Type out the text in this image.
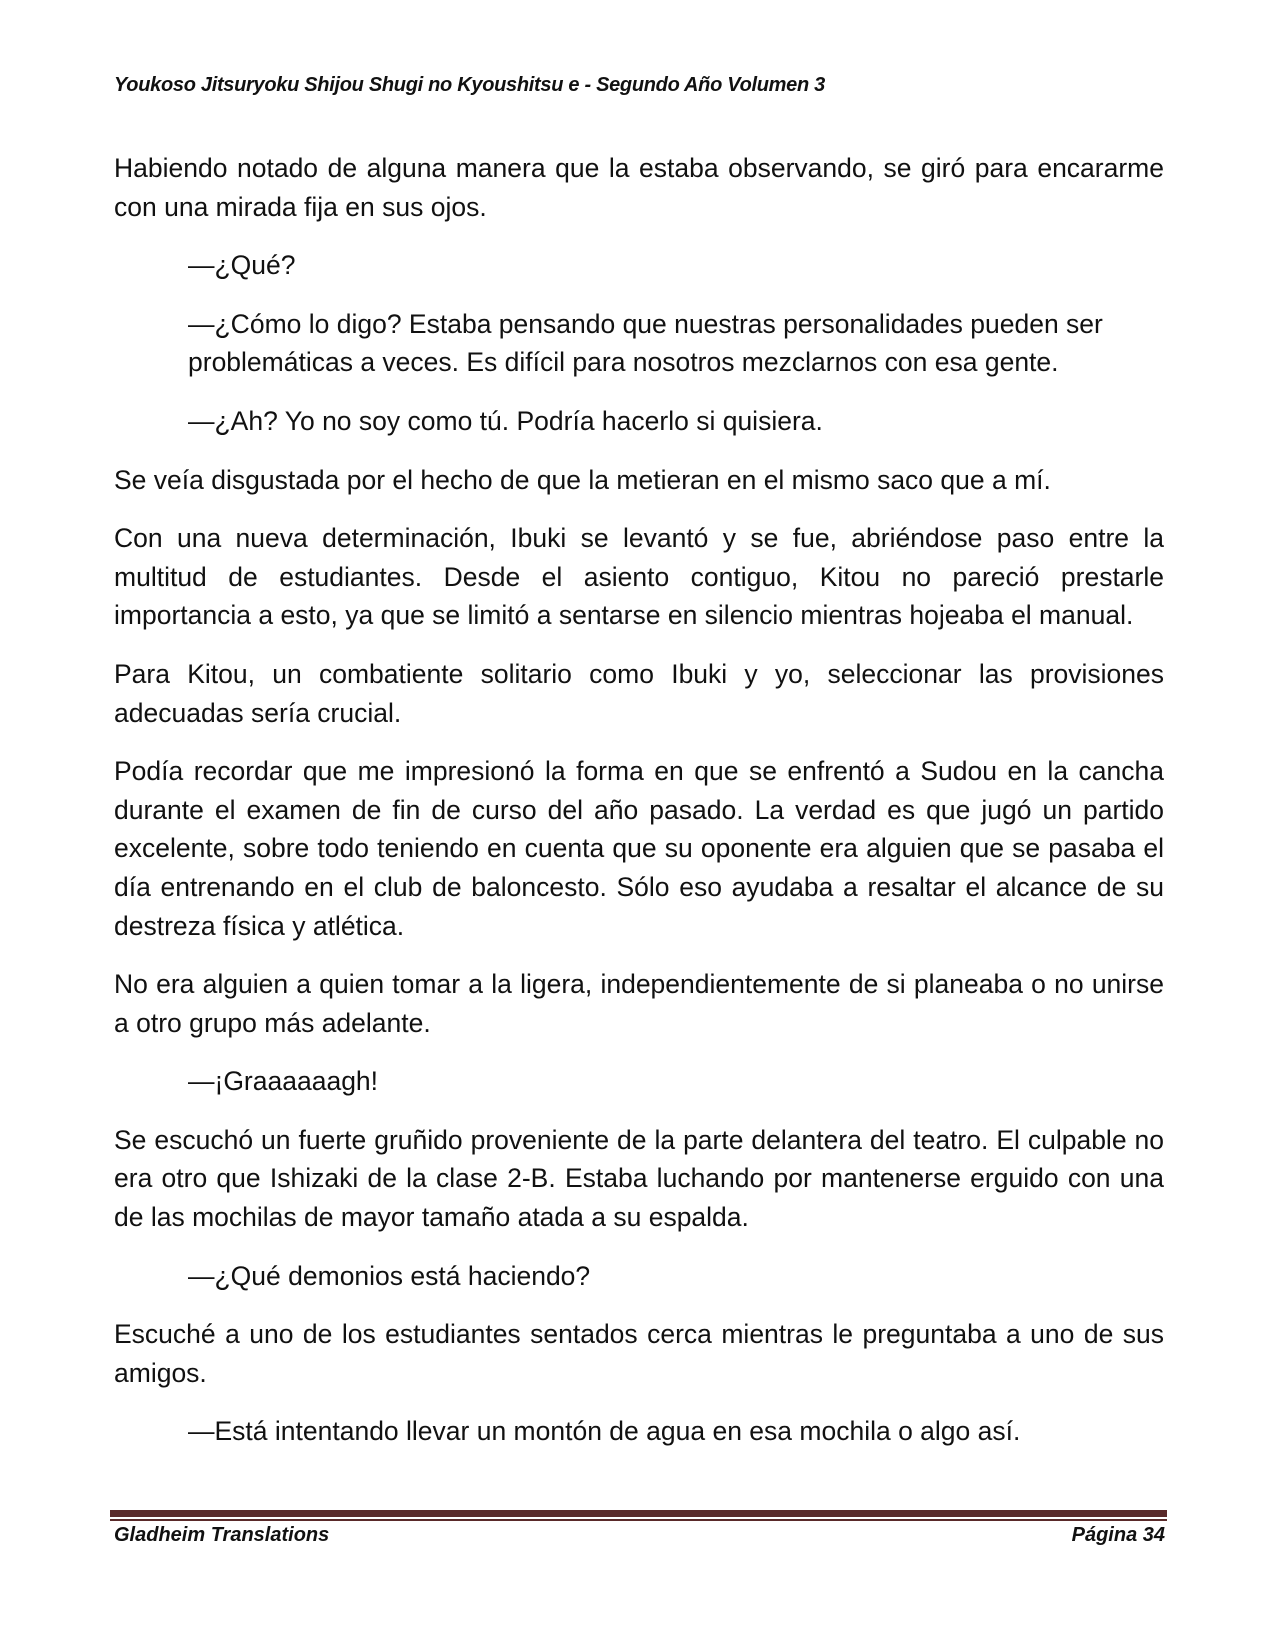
Youkoso Jitsuryoku Shijou Shugi no Kyoushitsu e - Segundo Año Volumen 3

Habiendo notado de alguna manera que la estaba observando, se giró para encararme con una mirada fija en sus ojos.

—¿Qué?

—¿Cómo lo digo? Estaba pensando que nuestras personalidades pueden ser problemáticas a veces. Es difícil para nosotros mezclarnos con esa gente.

—¿Ah? Yo no soy como tú. Podría hacerlo si quisiera.

Se veía disgustada por el hecho de que la metieran en el mismo saco que a mí.

Con una nueva determinación, Ibuki se levantó y se fue, abriéndose paso entre la multitud de estudiantes. Desde el asiento contiguo, Kitou no pareció prestarle importancia a esto, ya que se limitó a sentarse en silencio mientras hojeaba el manual.

Para Kitou, un combatiente solitario como Ibuki y yo, seleccionar las provisiones adecuadas sería crucial.

Podía recordar que me impresionó la forma en que se enfrentó a Sudou en la cancha durante el examen de fin de curso del año pasado. La verdad es que jugó un partido excelente, sobre todo teniendo en cuenta que su oponente era alguien que se pasaba el día entrenando en el club de baloncesto. Sólo eso ayudaba a resaltar el alcance de su destreza física y atlética.

No era alguien a quien tomar a la ligera, independientemente de si planeaba o no unirse a otro grupo más adelante.

—¡Graaaaaagh!

Se escuchó un fuerte gruñido proveniente de la parte delantera del teatro. El culpable no era otro que Ishizaki de la clase 2-B. Estaba luchando por mantenerse erguido con una de las mochilas de mayor tamaño atada a su espalda.

—¿Qué demonios está haciendo?

Escuché a uno de los estudiantes sentados cerca mientras le preguntaba a uno de sus amigos.

—Está intentando llevar un montón de agua en esa mochila o algo así.

Gladheim Translations	Página 34
